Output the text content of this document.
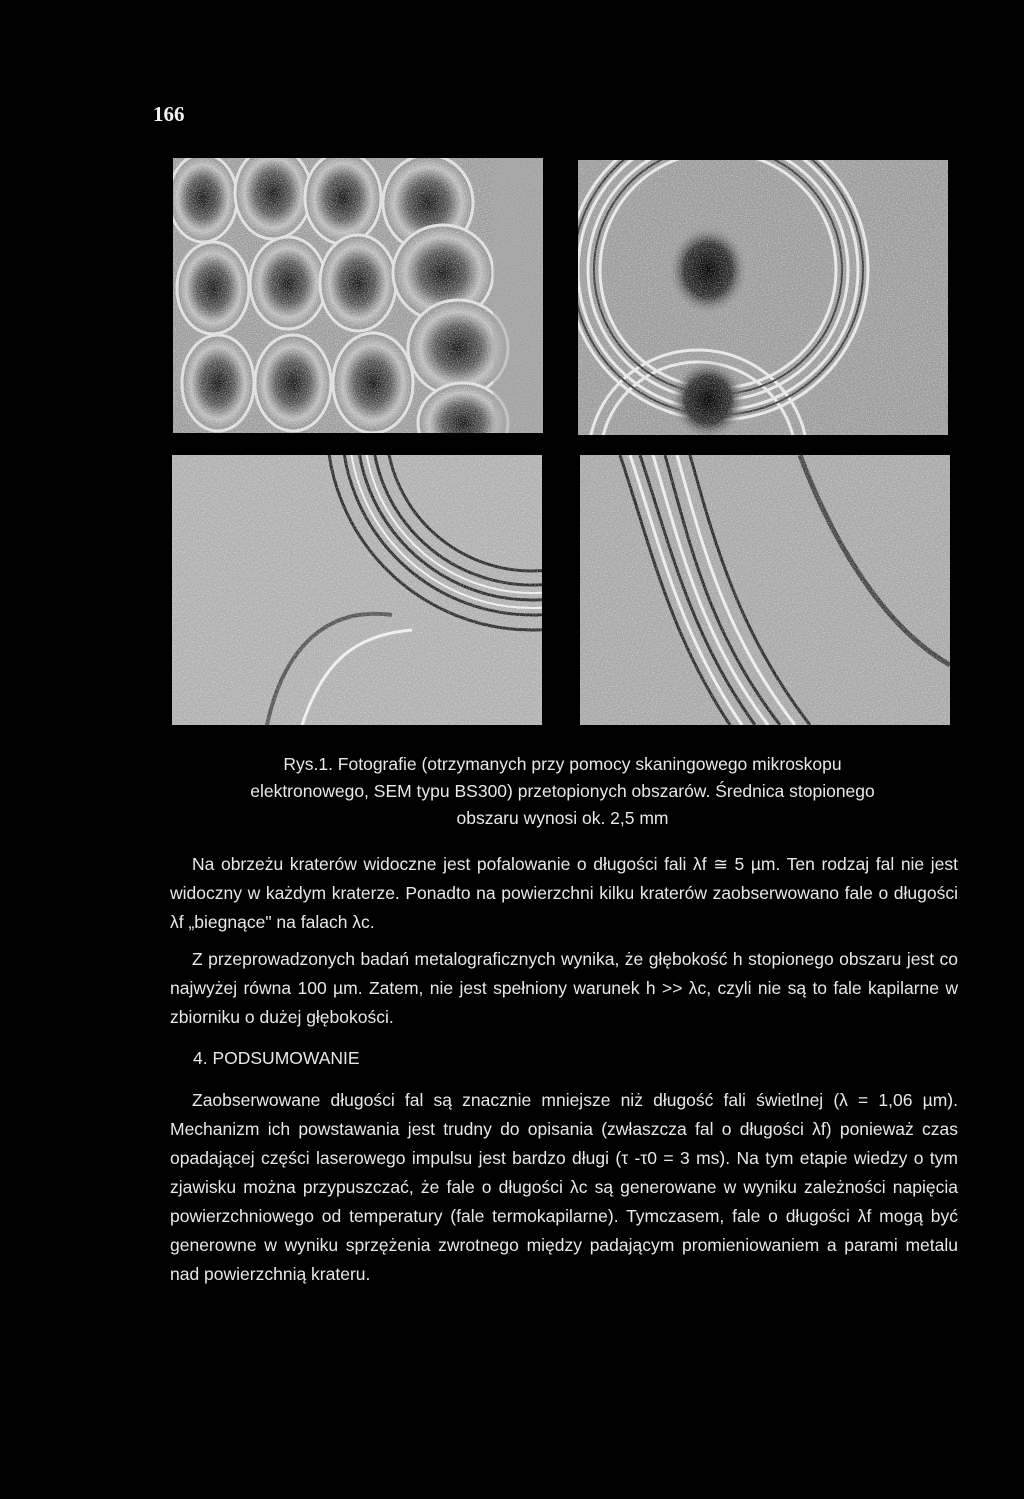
166
Rys.1. Fotografie (otrzymanych przy pomocy skaningowego mikroskopu
elektronowego, SEM typu BS300) przetopionych obszarów. Średnica stopionego
obszaru wynosi ok. 2,5 mm

Na obrzeżu kraterów widoczne jest pofalowanie o długości fali λf ≅ 5 µm. Ten rodzaj fal nie jest widoczny w każdym kraterze. Ponadto na powierzchni kilku kraterów zaobserwowano fale o długości λf „biegnące" na falach λc.

Z przeprowadzonych badań metalograficznych wynika, że głębokość h stopionego obszaru jest co najwyżej równa 100 µm. Zatem, nie jest spełniony warunek h >> λc, czyli nie są to fale kapilarne w zbiorniku o dużej głębokości.

4. PODSUMOWANIE

Zaobserwowane długości fal są znacznie mniejsze niż długość fali świetlnej (λ = 1,06 µm). Mechanizm ich powstawania jest trudny do opisania (zwłaszcza fal o długości λf) ponieważ czas opadającej części laserowego impulsu jest bardzo długi (τ -τ0 = 3 ms). Na tym etapie wiedzy o tym zjawisku można przypuszczać, że fale o długości λc są generowane w wyniku zależności napięcia powierzchniowego od temperatury (fale termokapilarne). Tymczasem, fale o długości λf mogą być generowne w wyniku sprzężenia zwrotnego między padającym promieniowaniem a parami metalu nad powierzchnią krateru.
